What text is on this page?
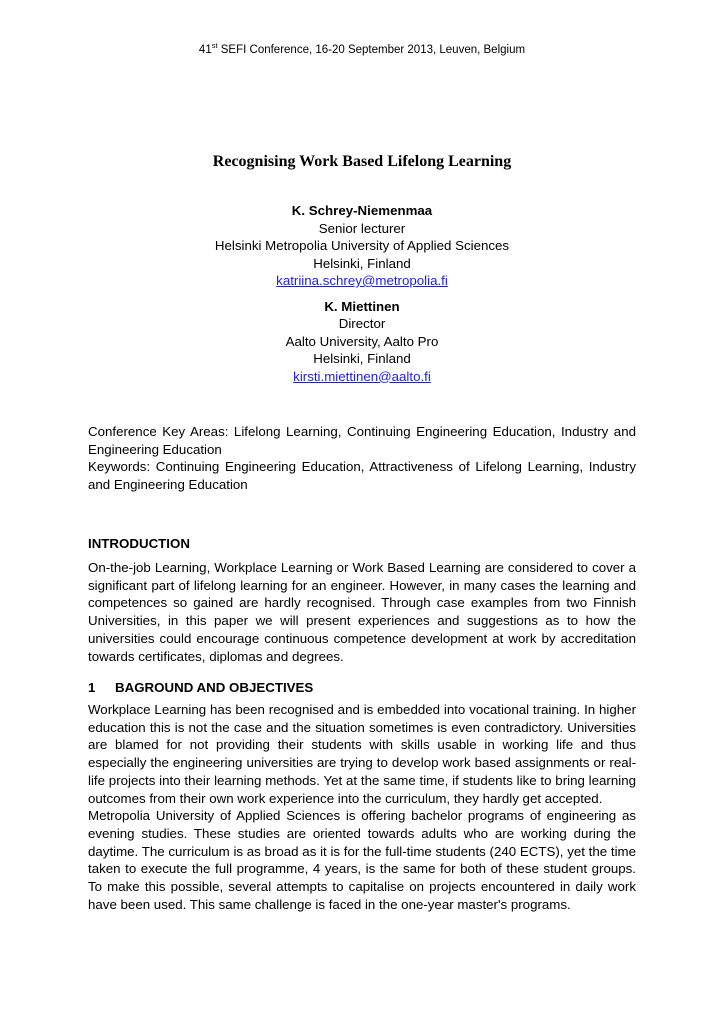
41st SEFI Conference, 16-20 September 2013, Leuven, Belgium
Recognising Work Based Lifelong Learning
K. Schrey-Niemenmaa
Senior lecturer
Helsinki Metropolia University of Applied Sciences
Helsinki, Finland
katriina.schrey@metropolia.fi
K. Miettinen
Director
Aalto University, Aalto Pro
Helsinki, Finland
kirsti.miettinen@aalto.fi

Conference Key Areas: Lifelong Learning, Continuing Engineering Education, Industry and Engineering Education

Keywords: Continuing Engineering Education, Attractiveness of Lifelong Learning, Industry and Engineering Education

INTRODUCTION
On-the-job Learning, Workplace Learning or Work Based Learning are considered to cover a significant part of lifelong learning for an engineer. However, in many cases the learning and competences so gained are hardly recognised. Through case examples from two Finnish Universities, in this paper we will present experiences and suggestions as to how the universities could encourage continuous competence development at work by accreditation towards certificates, diplomas and degrees.
1 BAGROUND AND OBJECTIVES

Workplace Learning has been recognised and is embedded into vocational training. In higher education this is not the case and the situation sometimes is even contradictory. Universities are blamed for not providing their students with skills usable in working life and thus especially the engineering universities are trying to develop work based assignments or real-life projects into their learning methods. Yet at the same time, if students like to bring learning outcomes from their own work experience into the curriculum, they hardly get accepted.

Metropolia University of Applied Sciences is offering bachelor programs of engineering as evening studies. These studies are oriented towards adults who are working during the daytime. The curriculum is as broad as it is for the full-time students (240 ECTS), yet the time taken to execute the full programme, 4 years, is the same for both of these student groups. To make this possible, several attempts to capitalise on projects encountered in daily work have been used. This same challenge is faced in the one-year master's programs.
